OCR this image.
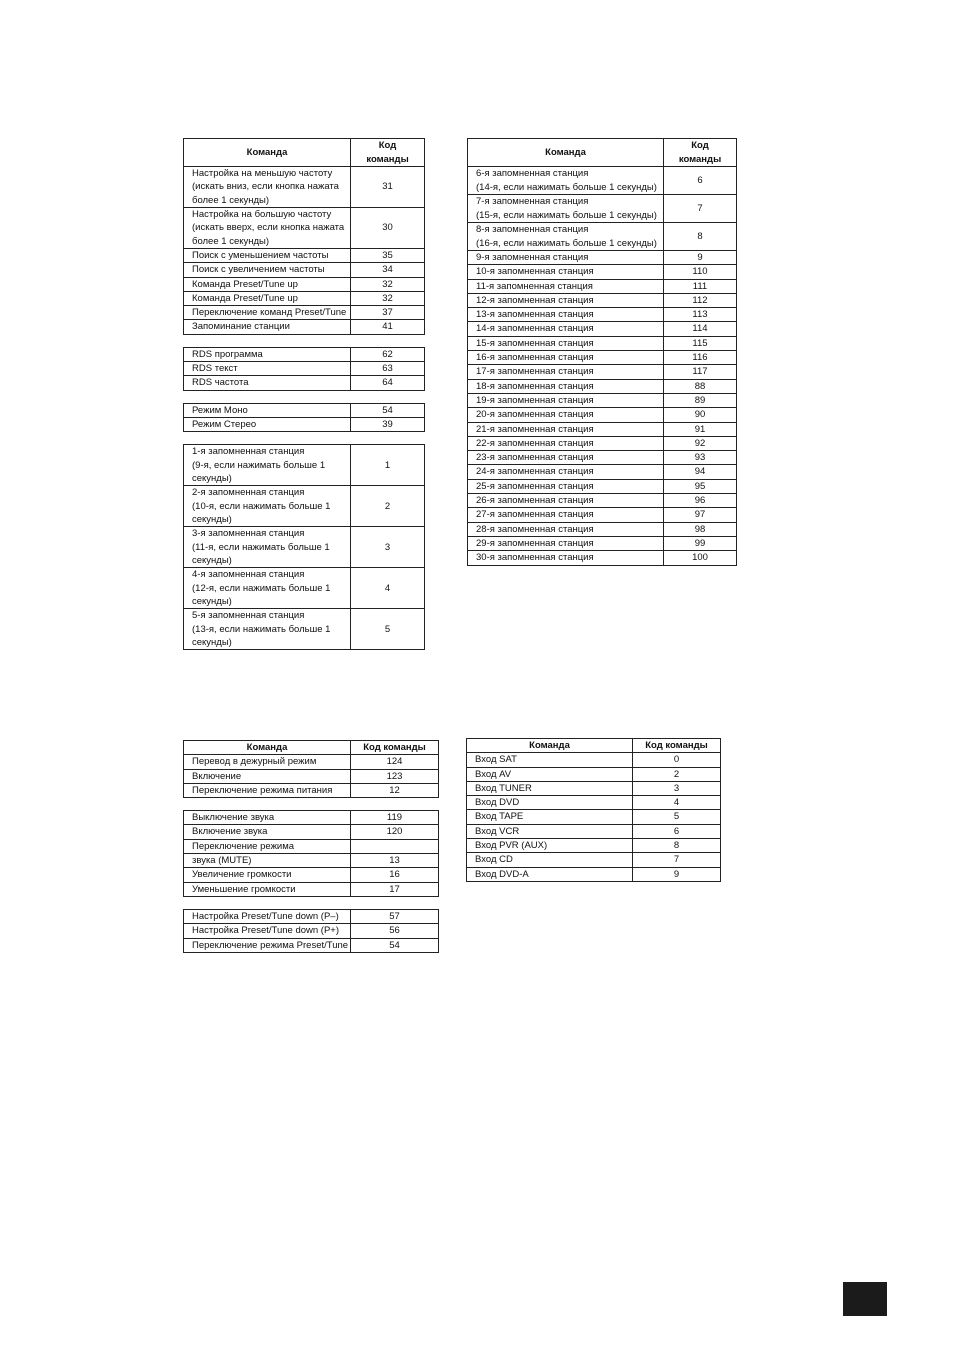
Команда	Код
команды
Настройка на меньшую частоту
(искать вниз, если кнопка нажата
более 1 секунды)	31
Настройка на большую частоту
(искать вверх, если кнопка нажата
более 1 секунды)	30
Поиск с уменьшением частоты	35
Поиск с увеличением частоты	34
Команда Preset/Tune up	32
Команда Preset/Tune up	32
Переключение команд Preset/Tune	37
Запоминание станции	41

RDS программа	62
RDS текст	63
RDS частота	64

Режим Моно	54
Режим Стерео	39

1-я запомненная станция
(9-я, если нажимать больше 1
секунды)	1
2-я запомненная станция
(10-я, если нажимать больше 1
секунды)	2
3-я запомненная станция
(11-я, если нажимать больше 1
секунды)	3
4-я запомненная станция
(12-я, если нажимать больше 1
секунды)	4
5-я запомненная станция
(13-я, если нажимать больше 1
секунды)	5
Команда	Код
команды
6-я запомненная станция
(14-я, если нажимать больше 1 секунды)	6
7-я запомненная станция
(15-я, если нажимать больше 1 секунды)	7
8-я запомненная станция
(16-я, если нажимать больше 1 секунды)	8
9-я запомненная станция	9
10-я запомненная станция	110
11-я запомненная станция	111
12-я запомненная станция	112
13-я запомненная станция	113
14-я запомненная станция	114
15-я запомненная станция	115
16-я запомненная станция	116
17-я запомненная станция	117
18-я запомненная станция	88
19-я запомненная станция	89
20-я запомненная станция	90
21-я запомненная станция	91
22-я запомненная станция	92
23-я запомненная станция	93
24-я запомненная станция	94
25-я запомненная станция	95
26-я запомненная станция	96
27-я запомненная станция	97
28-я запомненная станция	98
29-я запомненная станция	99
30-я запомненная станция	100
Команда	Код команды
Перевод в дежурный режим	124
Включение	123
Переключение режима питания	12

Выключение звука	119
Включение звука	120
Переключение режима	
звука (MUTE)	13
Увеличение громкости	16
Уменьшение громкости	17

Настройка Preset/Tune down (P–)	57
Настройка Preset/Tune down (P+)	56
Переключение режима Preset/Tune	54
Команда	Код команды
Вход SAT	0
Вход AV	2
Вход TUNER	3
Вход DVD	4
Вход TAPE	5
Вход VCR	6
Вход PVR (AUX)	8
Вход CD	7
Вход DVD-A	9
